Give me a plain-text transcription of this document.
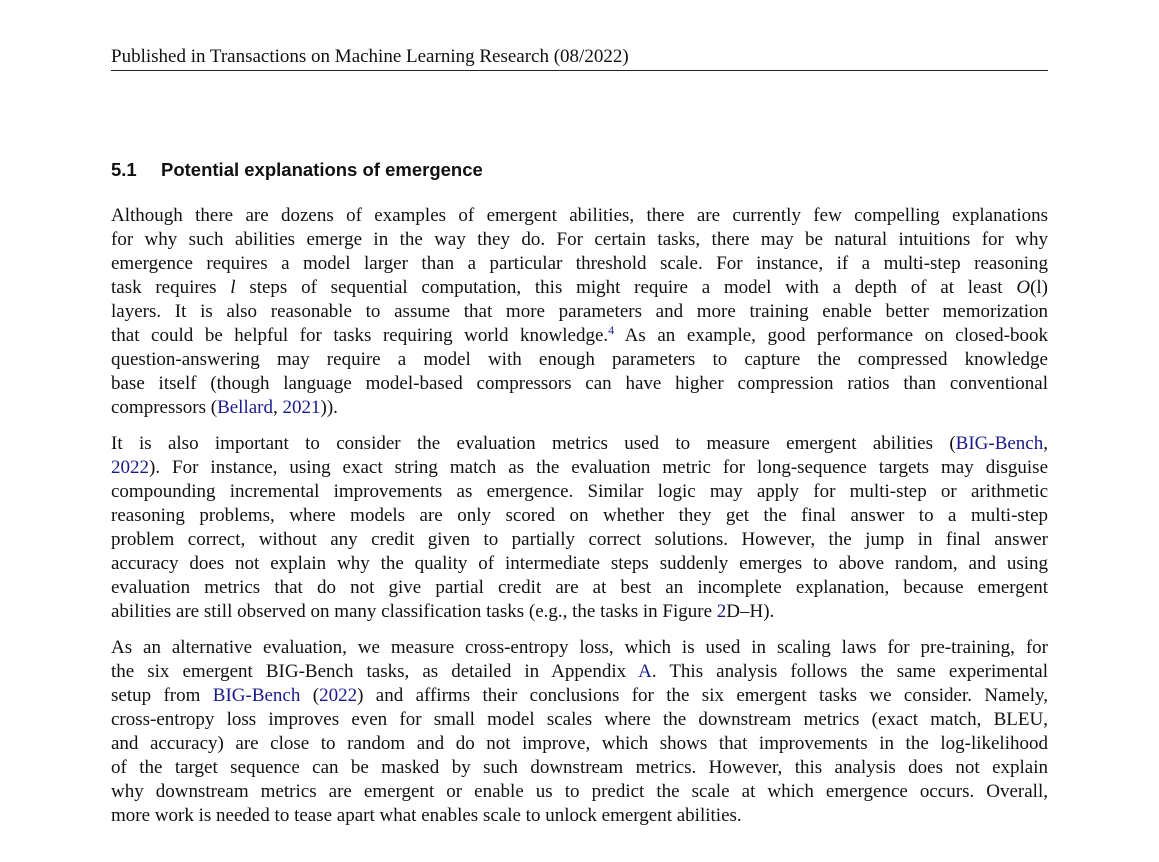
Published in Transactions on Machine Learning Research (08/2022)
5.1 Potential explanations of emergence
Although there are dozens of examples of emergent abilities, there are currently few compelling explanations
for why such abilities emerge in the way they do. For certain tasks, there may be natural intuitions for why
emergence requires a model larger than a particular threshold scale. For instance, if a multi-step reasoning
task requires l steps of sequential computation, this might require a model with a depth of at least O(l)
layers. It is also reasonable to assume that more parameters and more training enable better memorization
that could be helpful for tasks requiring world knowledge.$^4$ As an example, good performance on closed-book
question-answering may require a model with enough parameters to capture the compressed knowledge
base itself (though language model-based compressors can have higher compression ratios than conventional
compressors (Bellard, 2021)).
It is also important to consider the evaluation metrics used to measure emergent abilities (BIG-Bench,
2022). For instance, using exact string match as the evaluation metric for long-sequence targets may disguise
compounding incremental improvements as emergence. Similar logic may apply for multi-step or arithmetic
reasoning problems, where models are only scored on whether they get the final answer to a multi-step
problem correct, without any credit given to partially correct solutions. However, the jump in final answer
accuracy does not explain why the quality of intermediate steps suddenly emerges to above random, and using
evaluation metrics that do not give partial credit are at best an incomplete explanation, because emergent
abilities are still observed on many classification tasks (e.g., the tasks in Figure 2D–H).
As an alternative evaluation, we measure cross-entropy loss, which is used in scaling laws for pre-training, for
the six emergent BIG-Bench tasks, as detailed in Appendix A. This analysis follows the same experimental
setup from BIG-Bench (2022) and affirms their conclusions for the six emergent tasks we consider. Namely,
cross-entropy loss improves even for small model scales where the downstream metrics (exact match, BLEU,
and accuracy) are close to random and do not improve, which shows that improvements in the log-likelihood
of the target sequence can be masked by such downstream metrics. However, this analysis does not explain
why downstream metrics are emergent or enable us to predict the scale at which emergence occurs. Overall,
more work is needed to tease apart what enables scale to unlock emergent abilities.
